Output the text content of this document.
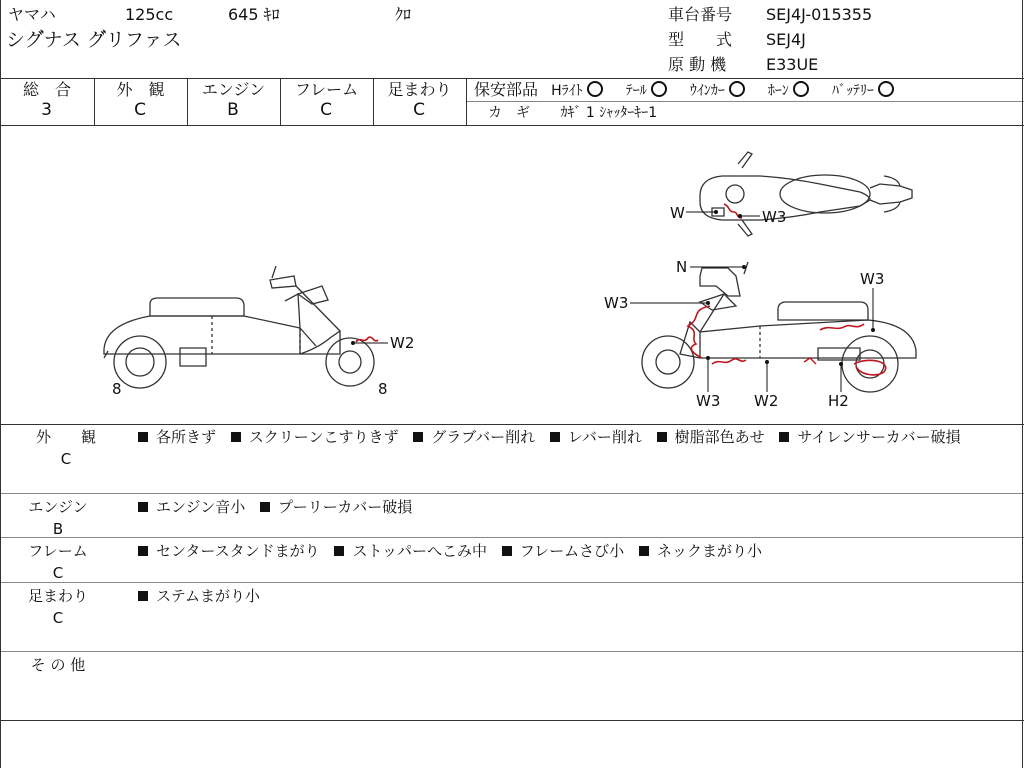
ヤマハ	125cc	645 ｷﾛ	ｸﾛ
シグ゙ナス グ゙リファス
車台番号 SEJ4J-015355
型　　式 SEJ4J
原 動 機 E33UE
総　合
3
外　観
C
エンジン
B
フレーム
C
足まわり
C
保安部品 Hﾗｲﾄ	ﾃｰﾙ	ｳｲﾝｶｰ	ﾎｰﾝ	ﾊﾞｯﾃﾘｰ
カ　ギ ｶｷﾞ 1 ｼｬｯﾀｰｷｰ1
W2
8	8
W	W3
N
W3
W3
W3 W2	H2
外　　観
C
各所きず スクリーンこすりきず グラブバー削れ レバー削れ 樹脂部色あせ サイレンサーカバー破損
エンジン
B
エンジン音小 プーリーカバー破損
フレーム
C
センタースタンドまがり ストッパーへこみ中 フレームさび小 ネックまがり小
足まわり
C
ステムまがり小
そ の 他
